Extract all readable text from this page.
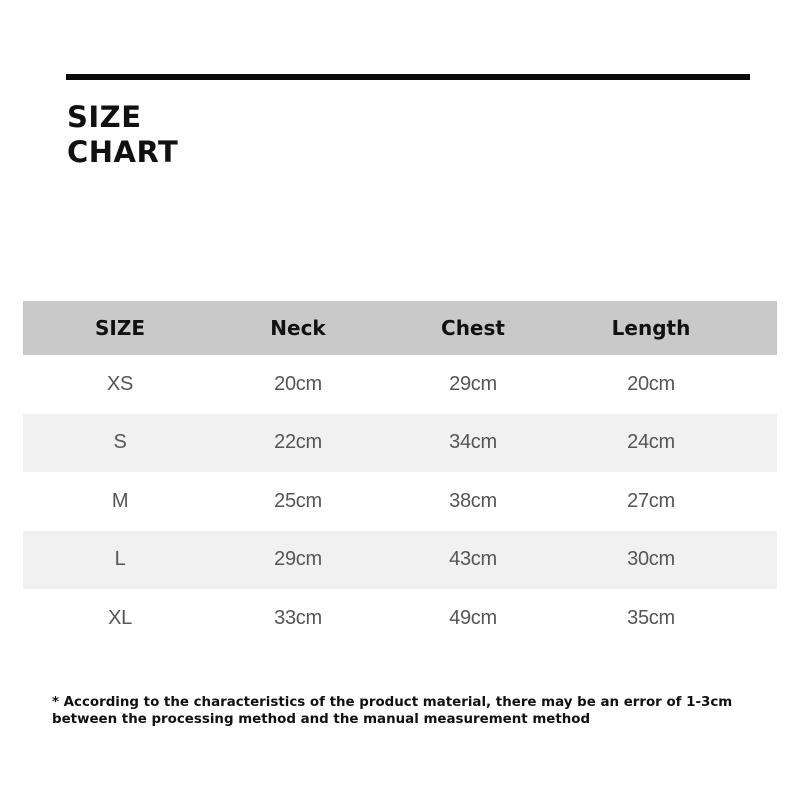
SIZE
CHART
SIZE	Neck	Chest	Length
XS	20cm	29cm	20cm
S	22cm	34cm	24cm
M	25cm	38cm	27cm
L	29cm	43cm	30cm
XL	33cm	49cm	35cm
* According to the characteristics of the product material, there may be an error of 1-3cm
between the processing method and the manual measurement method
